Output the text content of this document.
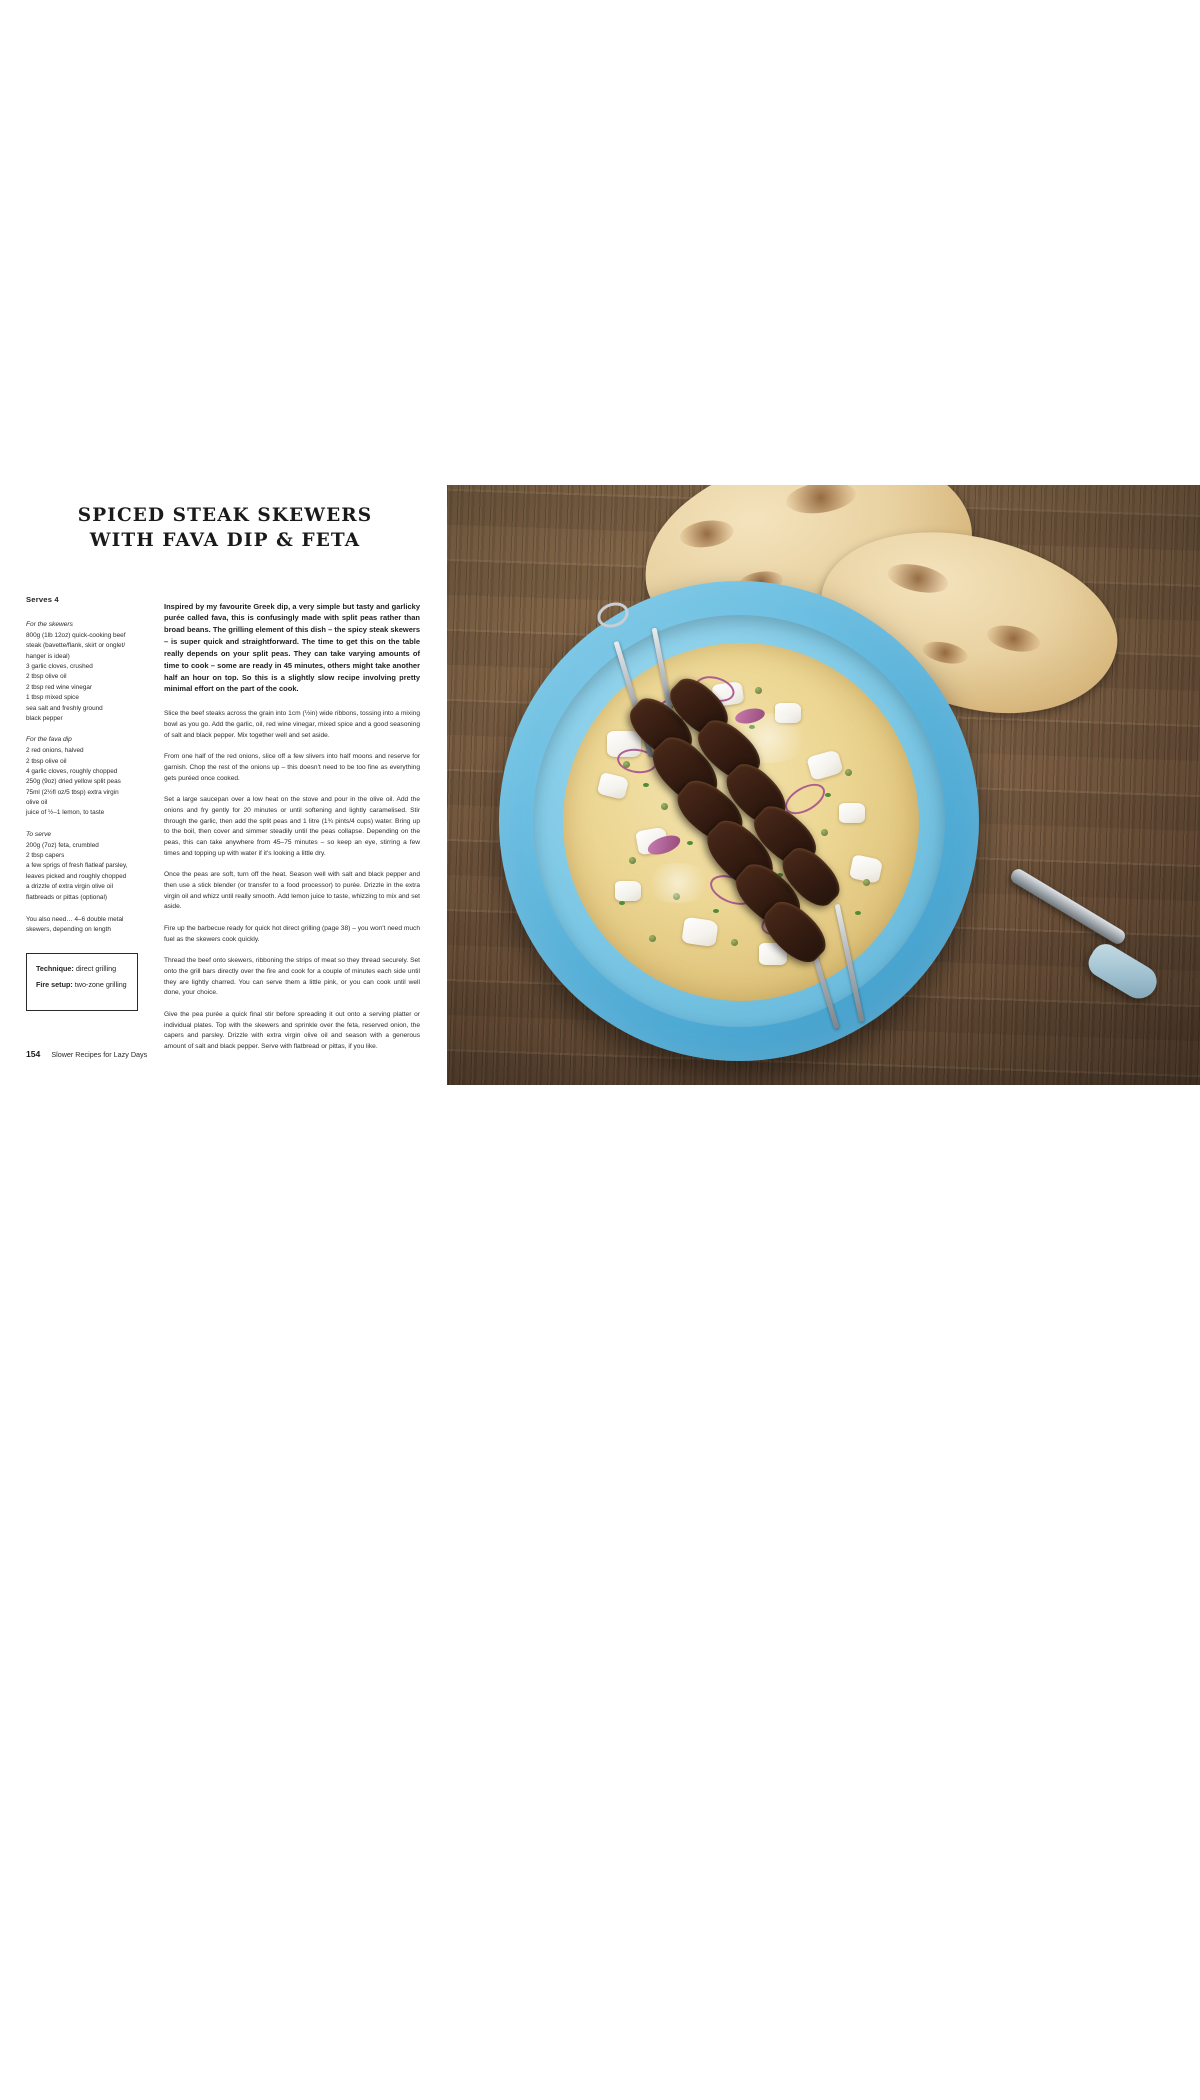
SPICED STEAK SKEWERS
WITH FAVA DIP & FETA
Serves 4
For the skewers
800g (1lb 12oz) quick-cooking beef
steak (bavette/flank, skirt or onglet/
hanger is ideal)
3 garlic cloves, crushed
2 tbsp olive oil
2 tbsp red wine vinegar
1 tbsp mixed spice
sea salt and freshly ground
black pepper
For the fava dip
2 red onions, halved
2 tbsp olive oil
4 garlic cloves, roughly chopped
250g (9oz) dried yellow split peas
75ml (2½fl oz/5 tbsp) extra virgin
olive oil
juice of ½–1 lemon, to taste
To serve
200g (7oz) feta, crumbled
2 tbsp capers
a few sprigs of fresh flatleaf parsley,
leaves picked and roughly chopped
a drizzle of extra virgin olive oil
flatbreads or pittas (optional)
You also need… 4–6 double metal skewers, depending on length
Technique: direct grilling
Fire setup: two-zone grilling

Inspired by my favourite Greek dip, a very simple but tasty and garlicky purée called fava, this is confusingly made with split peas rather than broad beans. The grilling element of this dish – the spicy steak skewers – is super quick and straightforward. The time to get this on the table really depends on your split peas. They can take varying amounts of time to cook – some are ready in 45 minutes, others might take another half an hour on top. So this is a slightly slow recipe involving pretty minimal effort on the part of the cook.

Slice the beef steaks across the grain into 1cm (½in) wide ribbons, tossing into a mixing bowl as you go. Add the garlic, oil, red wine vinegar, mixed spice and a good seasoning of salt and black pepper. Mix together well and set aside.

From one half of the red onions, slice off a few slivers into half moons and reserve for garnish. Chop the rest of the onions up – this doesn't need to be too fine as everything gets puréed once cooked.

Set a large saucepan over a low heat on the stove and pour in the olive oil. Add the onions and fry gently for 20 minutes or until softening and lightly caramelised. Stir through the garlic, then add the split peas and 1 litre (1¾ pints/4 cups) water. Bring up to the boil, then cover and simmer steadily until the peas collapse. Depending on the peas, this can take anywhere from 45–75 minutes – so keep an eye, stirring a few times and topping up with water if it's looking a little dry.

Once the peas are soft, turn off the heat. Season well with salt and black pepper and then use a stick blender (or transfer to a food processor) to purée. Drizzle in the extra virgin oil and whizz until really smooth. Add lemon juice to taste, whizzing to mix and set aside.

Fire up the barbecue ready for quick hot direct grilling (page 38) – you won't need much fuel as the skewers cook quickly.

Thread the beef onto skewers, ribboning the strips of meat so they thread securely. Set onto the grill bars directly over the fire and cook for a couple of minutes each side until they are lightly charred. You can serve them a little pink, or you can cook until well done, your choice.

Give the pea purée a quick final stir before spreading it out onto a serving platter or individual plates. Top with the skewers and sprinkle over the feta, reserved onion, the capers and parsley. Drizzle with extra virgin olive oil and season with a generous amount of salt and black pepper. Serve with flatbread or pittas, if you like.

154 Slower Recipes for Lazy Days
